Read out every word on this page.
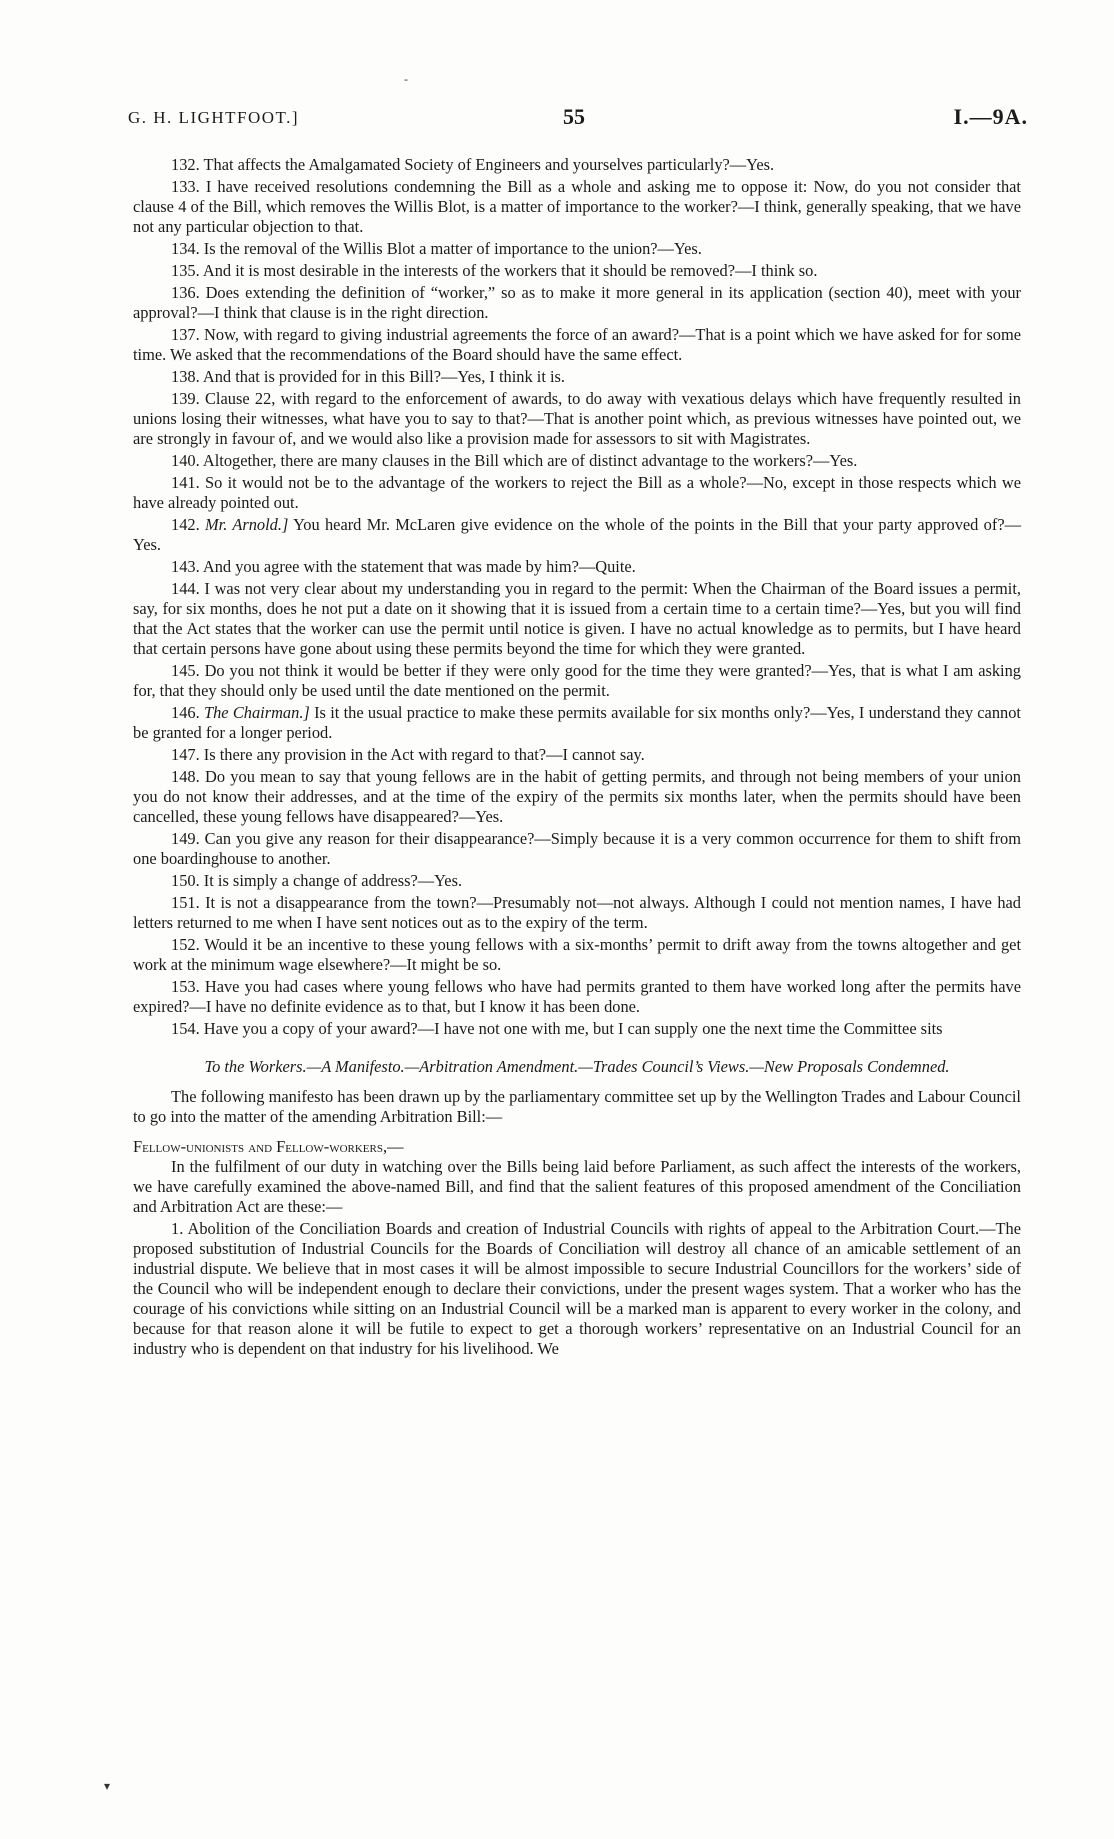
G. H. LIGHTFOOT.]	55	I.—9A.

132. That affects the Amalgamated Society of Engineers and yourselves particularly?—Yes.

133. I have received resolutions condemning the Bill as a whole and asking me to oppose it: Now, do you not consider that clause 4 of the Bill, which removes the Willis Blot, is a matter of importance to the worker?—I think, generally speaking, that we have not any particular objection to that.

134. Is the removal of the Willis Blot a matter of importance to the union?—Yes.

135. And it is most desirable in the interests of the workers that it should be removed?—I think so.

136. Does extending the definition of “worker,” so as to make it more general in its application (section 40), meet with your approval?—I think that clause is in the right direction.

137. Now, with regard to giving industrial agreements the force of an award?—That is a point which we have asked for for some time. We asked that the recommendations of the Board should have the same effect.

138. And that is provided for in this Bill?—Yes, I think it is.

139. Clause 22, with regard to the enforcement of awards, to do away with vexatious delays which have frequently resulted in unions losing their witnesses, what have you to say to that?—That is another point which, as previous witnesses have pointed out, we are strongly in favour of, and we would also like a provision made for assessors to sit with Magistrates.

140. Altogether, there are many clauses in the Bill which are of distinct advantage to the workers?—Yes.

141. So it would not be to the advantage of the workers to reject the Bill as a whole?—No, except in those respects which we have already pointed out.

142. Mr. Arnold.] You heard Mr. McLaren give evidence on the whole of the points in the Bill that your party approved of?—Yes.

143. And you agree with the statement that was made by him?—Quite.

144. I was not very clear about my understanding you in regard to the permit: When the Chairman of the Board issues a permit, say, for six months, does he not put a date on it showing that it is issued from a certain time to a certain time?—Yes, but you will find that the Act states that the worker can use the permit until notice is given. I have no actual knowledge as to permits, but I have heard that certain persons have gone about using these permits beyond the time for which they were granted.

145. Do you not think it would be better if they were only good for the time they were granted?—Yes, that is what I am asking for, that they should only be used until the date mentioned on the permit.

146. The Chairman.] Is it the usual practice to make these permits available for six months only?—Yes, I understand they cannot be granted for a longer period.

147. Is there any provision in the Act with regard to that?—I cannot say.

148. Do you mean to say that young fellows are in the habit of getting permits, and through not being members of your union you do not know their addresses, and at the time of the expiry of the permits six months later, when the permits should have been cancelled, these young fellows have disappeared?—Yes.

149. Can you give any reason for their disappearance?—Simply because it is a very common occurrence for them to shift from one boardinghouse to another.

150. It is simply a change of address?—Yes.

151. It is not a disappearance from the town?—Presumably not—not always. Although I could not mention names, I have had letters returned to me when I have sent notices out as to the expiry of the term.

152. Would it be an incentive to these young fellows with a six-months’ permit to drift away from the towns altogether and get work at the minimum wage elsewhere?—It might be so.

153. Have you had cases where young fellows who have had permits granted to them have worked long after the permits have expired?—I have no definite evidence as to that, but I know it has been done.

154. Have you a copy of your award?—I have not one with me, but I can supply one the next time the Committee sits

To the Workers.—A Manifesto.—Arbitration Amendment.—Trades Council’s Views.—New Proposals Condemned.

The following manifesto has been drawn up by the parliamentary committee set up by the Wellington Trades and Labour Council to go into the matter of the amending Arbitration Bill:—

Fellow-unionists and Fellow-workers,—

In the fulfilment of our duty in watching over the Bills being laid before Parliament, as such affect the interests of the workers, we have carefully examined the above-named Bill, and find that the salient features of this proposed amendment of the Conciliation and Arbitration Act are these:—

1. Abolition of the Conciliation Boards and creation of Industrial Councils with rights of appeal to the Arbitration Court.—The proposed substitution of Industrial Councils for the Boards of Conciliation will destroy all chance of an amicable settlement of an industrial dispute. We believe that in most cases it will be almost impossible to secure Industrial Councillors for the workers’ side of the Council who will be independent enough to declare their convictions, under the present wages system. That a worker who has the courage of his convictions while sitting on an Industrial Council will be a marked man is apparent to every worker in the colony, and because for that reason alone it will be futile to expect to get a thorough workers’ representative on an Industrial Council for an industry who is dependent on that industry for his livelihood. We

-
▾
